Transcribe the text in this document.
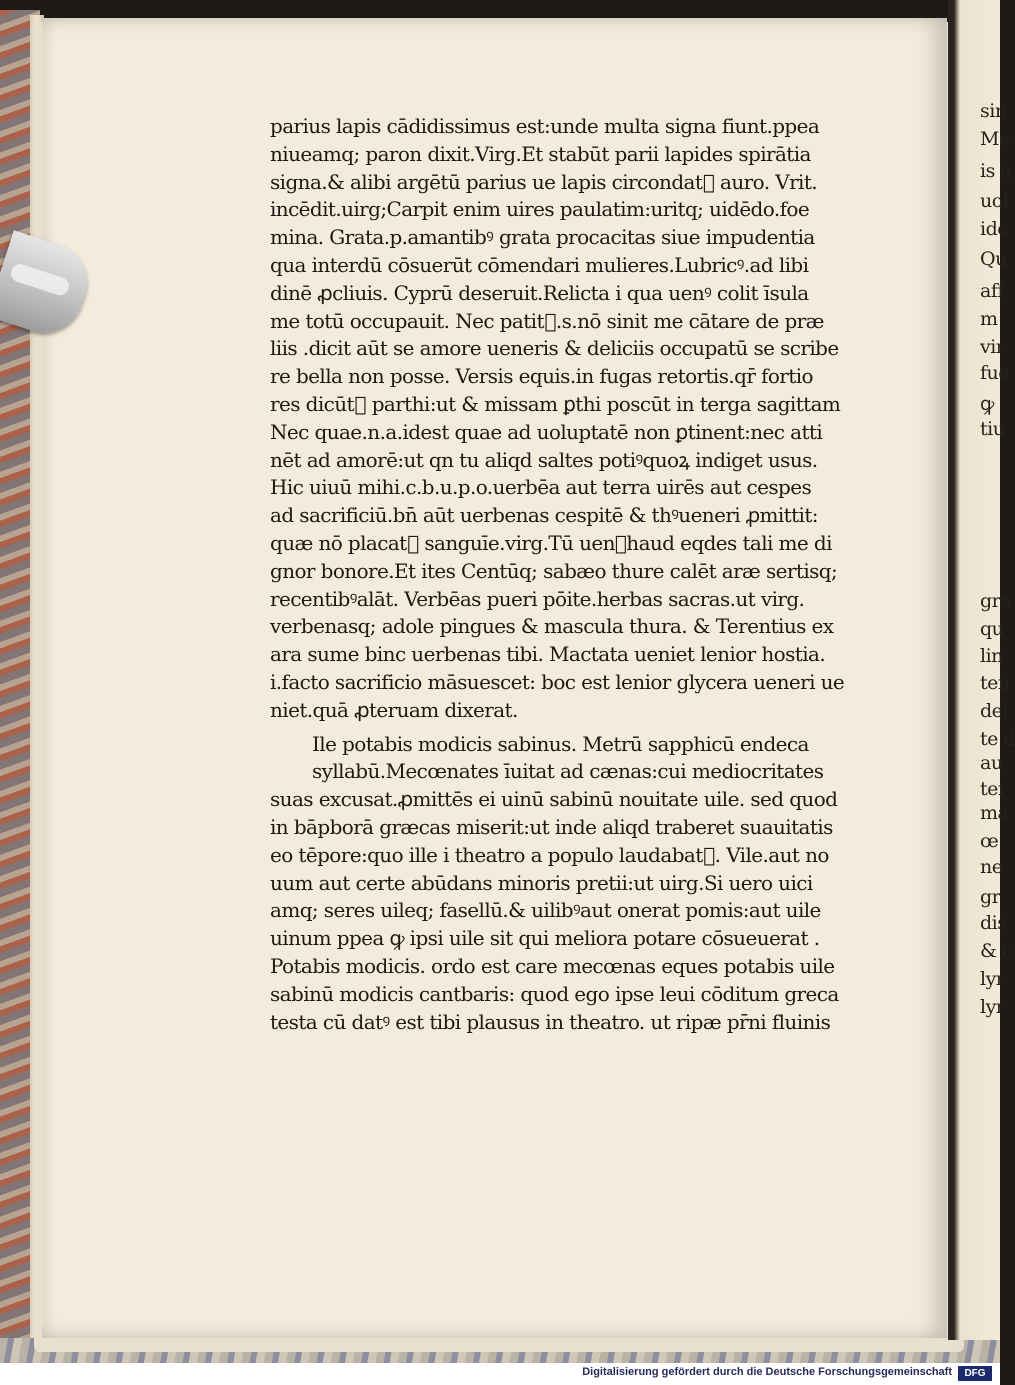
sin
Me
is a
uol
ide
Qu
aff
m
vir
fue
ꝙ
tiu
gra
qu
lin
ten
del
te d
au
ter
ma
œ
ne
gr
dis
& c
lyr
lyr
parius lapis cādidissimus est:unde multa signa fiunt.ppea
niueamq; paron dixit.Virg.Et stabūt parii lapides spirātia
signa.& alibi argētū parius ue lapis circondat᷑ auro. Vrit.
incēdit.uirg;Carpit enim uires paulatim:uritq; uidēdo.foe
mina. Grata.p.amantibꝰ grata procacitas siue impudentia
qua interdū cōsuerūt cōmendari mulieres.Lubricꝰ.ad libi
dinē ꝓcliuis. Cyprū deseruit.Relicta i qua uenꝰ colit īsula
me totū occupauit. Nec patit᷑.s.nō sinit me cātare de præ
liis .dicit aūt se amore ueneris & deliciis occupatū se scribe
re bella non posse. Versis equis.in fugas retortis.qr̄ fortio
res dicūt᷑ parthi:ut & missam ꝑthi poscūt in terga sagittam
Nec quae.n.a.idest quae ad uoluptatē non ꝑtinent:nec atti
nēt ad amorē:ut qn tu aliqd saltes potiꝰquoꝝ indiget usus.
Hic uiuū mihi.c.b.u.p.o.uerbēa aut terra uirēs aut cespes
ad sacrificiū.bn̄ aūt uerbenas cespitē & thꝰueneri ꝓmittit:
quæ nō placat᷑ sanguīe.virg.Tū uenꝰhaud eqdes tali me di
gnor bonore.Et ites Centūq; sabæo thure calēt aræ sertisq;
recentibꝰalāt. Verbēas pueri pōite.herbas sacras.ut virg.
verbenasq; adole pingues & mascula thura. & Terentius ex
ara sume binc uerbenas tibi. Mactata ueniet lenior hostia.
i.facto sacrificio māsuescet: boc est lenior glycera ueneri ue
niet.quā ꝓteruam dixerat.
Ile potabis modicis sabinus. Metrū sapphicū endeca
syllabū.Mecœnates īuitat ad cænas:cui mediocritates
suas excusat.ꝓmittēs ei uinū sabinū nouitate uile. sed quod
in bāpborā græcas miserit:ut inde aliqd traberet suauitatis
eo tēpore:quo ille i theatro a populo laudabat᷑. Vile.aut no
uum aut certe abūdans minoris pretii:ut uirg.Si uero uici
amq; seres uileq; fasellū.& uilibꝰaut onerat pomis:aut uile
uinum ppea ꝙ ipsi uile sit qui meliora potare cōsueuerat .
Potabis modicis. ordo est care mecœnas eques potabis uile
sabinū modicis cantbaris: quod ego ipse leui cōditum greca
testa cū datꝰ est tibi plausus in theatro. ut ripæ pr̄ni fluinis
Digitalisierung gefördert durch die Deutsche Forschungsgemeinschaft	DFG
